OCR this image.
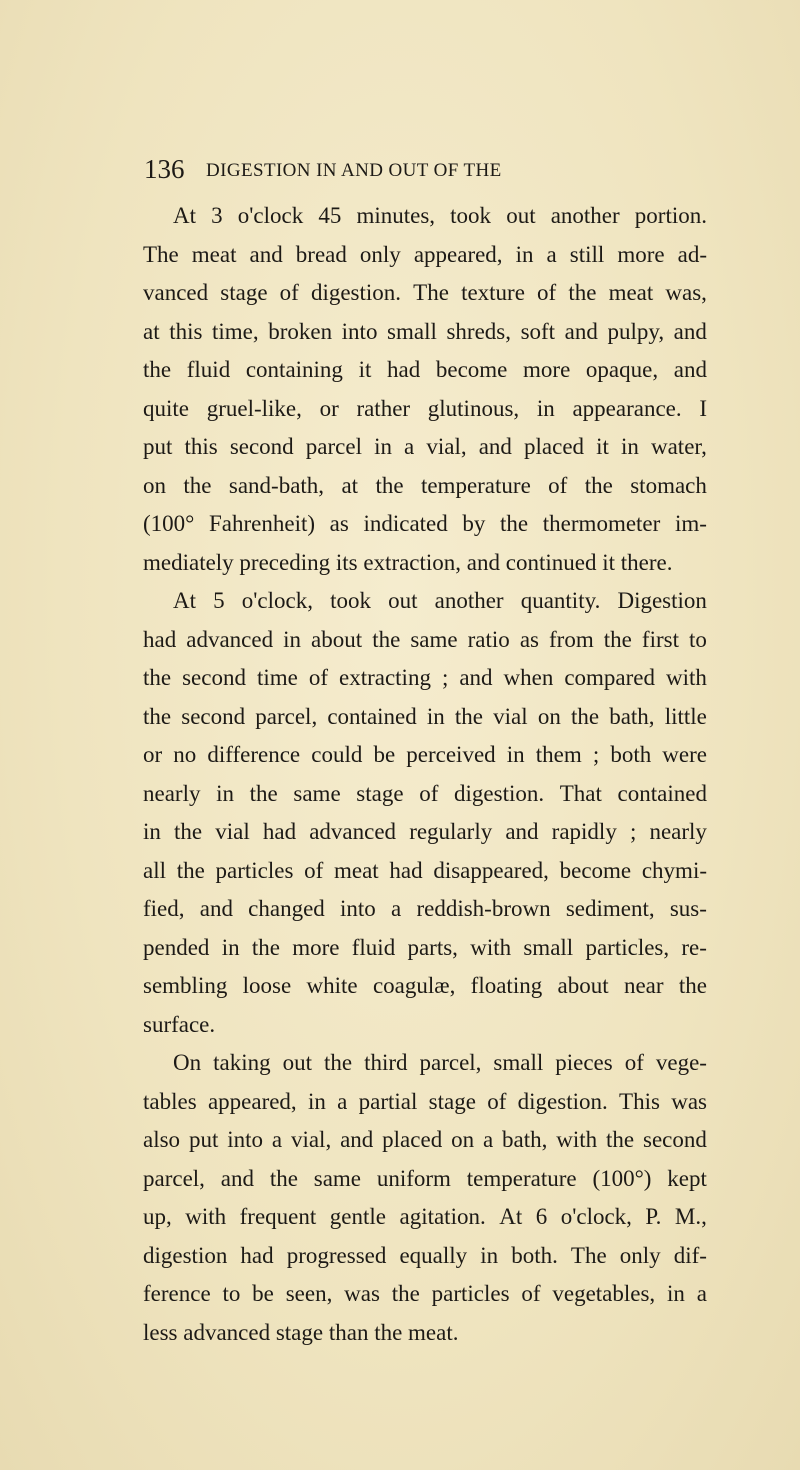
136 DIGESTION IN AND OUT OF THE
At 3 o'clock 45 minutes, took out another portion.
The meat and bread only appeared, in a still more ad-
vanced stage of digestion. The texture of the meat was,
at this time, broken into small shreds, soft and pulpy, and
the fluid containing it had become more opaque, and
quite gruel-like, or rather glutinous, in appearance. I
put this second parcel in a vial, and placed it in water,
on the sand-bath, at the temperature of the stomach
(100° Fahrenheit) as indicated by the thermometer im-
mediately preceding its extraction, and continued it there.
At 5 o'clock, took out another quantity. Digestion
had advanced in about the same ratio as from the first to
the second time of extracting ; and when compared with
the second parcel, contained in the vial on the bath, little
or no difference could be perceived in them ; both were
nearly in the same stage of digestion. That contained
in the vial had advanced regularly and rapidly ; nearly
all the particles of meat had disappeared, become chymi-
fied, and changed into a reddish-brown sediment, sus-
pended in the more fluid parts, with small particles, re-
sembling loose white coagulæ, floating about near the
surface.
On taking out the third parcel, small pieces of vege-
tables appeared, in a partial stage of digestion. This was
also put into a vial, and placed on a bath, with the second
parcel, and the same uniform temperature (100°) kept
up, with frequent gentle agitation. At 6 o'clock, P. M.,
digestion had progressed equally in both. The only dif-
ference to be seen, was the particles of vegetables, in a
less advanced stage than the meat.
